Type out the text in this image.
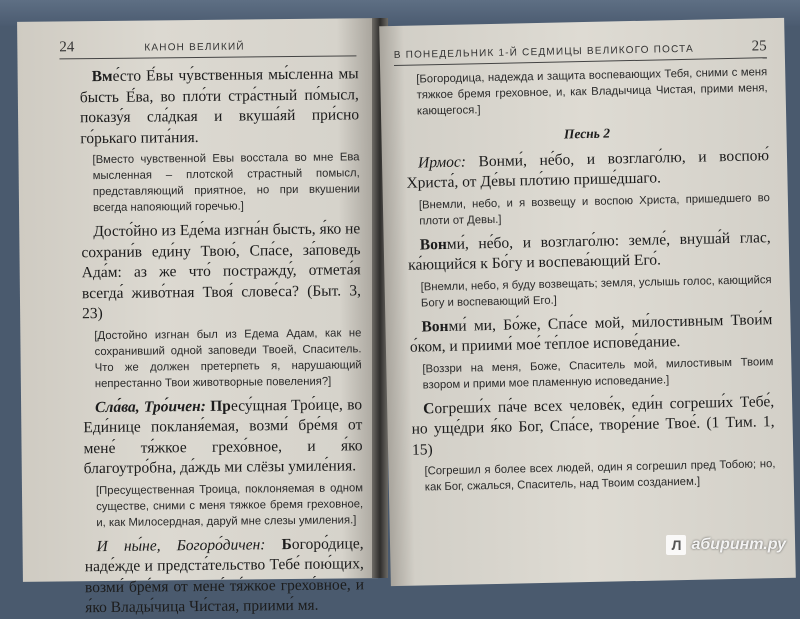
24	КАНОН ВЕЛИКИЙ

Вме́сто Е́вы чу́вственныя мы́сленна мы бысть Е́ва, во пло́ти стра́стный по́мысл, показу́я сла́дкая и вкуша́яй при́сно го́рькаго пита́ния.

[Вместо чувственной Евы восстала во мне Ева мысленная – плотской страстный помысл, представляющий приятное, но при вкушении всегда напояющий горечью.]

Досто́йно из Еде́ма изгна́н бысть, я́ко не сохрани́в еди́ну Твою́, Спа́се, за́поведь Ада́м: аз же что́ постражду́, отмета́я всегда́ живо́тная Твоя́ слове́са? (Быт. 3, 23)

[Достойно изгнан был из Едема Адам, как не сохранивший одной заповеди Твоей, Спаситель. Что же должен претерпеть я, нарушающий непрестанно Твои животворные повеления?]

Сла́ва, Тро́ичен: Пресу́щная Тро́ице, во Еди́нице покланя́емая, возми́ бре́мя от мене́ тя́жкое грехо́вное, и я́ко благоутро́бна, да́ждь ми слёзы умиле́ния.

[Пресущественная Троица, поклоняемая в одном существе, сними с меня тяжкое бремя греховное, и, как Милосердная, даруй мне слезы умиления.]

И ны́не, Богоро́дичен: Богоро́дице, наде́жде и предста́тельство Тебе́ пою́щих, возми́ бре́мя от мене́ тя́жкое грехо́вное, и я́ко Влады́чица Чи́стая, приими́ мя.

В ПОНЕДЕЛЬНИК 1-Й СЕДМИЦЫ ВЕЛИКОГО ПОСТА	25

[Богородица, надежда и защита воспевающих Тебя, сними с меня тяжкое бремя греховное, и, как Владычица Чистая, прими меня, кающегося.]

Песнь 2

Ирмос: Вонми́, не́бо, и возглаго́лю, и воспою́ Христа́, от Де́вы пло́тию прише́дшаго.

[Внемли, небо, и я возвещу и воспою Христа, пришедшего во плоти от Девы.]

Вонми́, не́бо, и возглаго́лю: земле́, внуша́й глас, ка́ющийся к Бо́гу и воспева́ющий Его́.

[Внемли, небо, я буду возвещать; земля, услышь голос, кающийся Богу и воспевающий Его.]

Вонми́ ми, Бо́же, Спа́се мой, ми́лостивным Твои́м о́ком, и приими́ мое́ те́плое испове́дание.

[Воззри на меня, Боже, Спаситель мой, милостивым Твоим взором и прими мое пламенную исповедание.]

Согреши́х па́че всех челове́к, еди́н согреши́х Тебе́, но уще́дри я́ко Бог, Спа́се, творе́ние Твое́. (1 Тим. 1, 15)

[Согрешил я более всех людей, один я согрешил пред Тобою; но, как Бог, сжалься, Спаситель, над Твоим созданием.]

Л абиринт.ру
